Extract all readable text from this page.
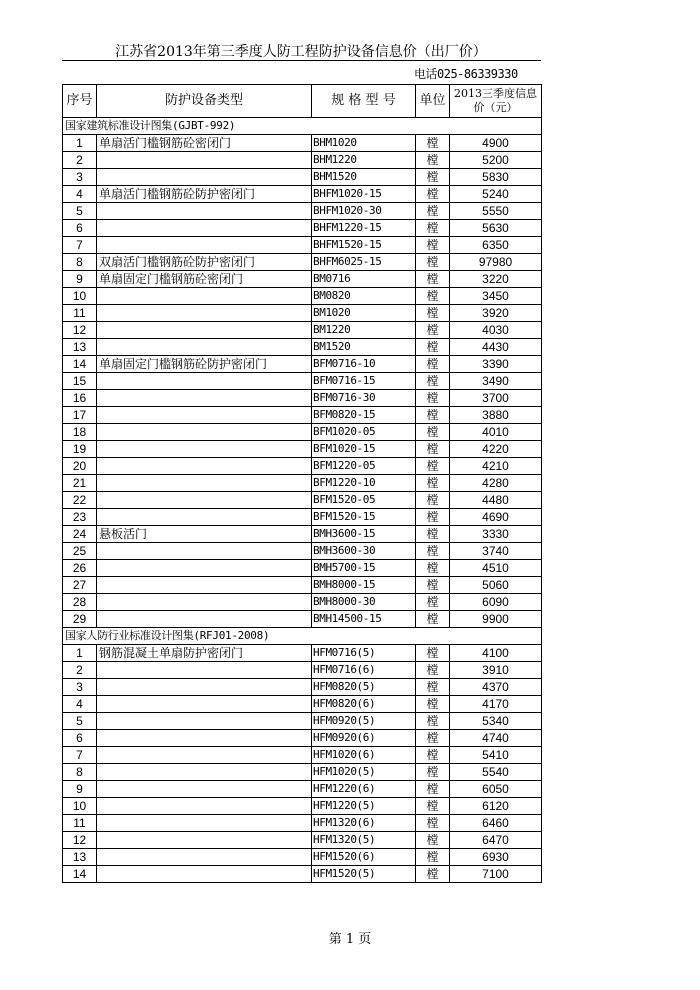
江苏省2013年第三季度人防工程防护设备信息价（出厂价）
电话025-86339330
序号	防护设备类型	规 格 型 号	单位	2013三季度信息价（元）
国家建筑标准设计图集(GJBT-992)				
1	单扇活门槛钢筋砼密闭门	BHM1020	樘	4900
2		BHM1220	樘	5200
3		BHM1520	樘	5830
4	单扇活门槛钢筋砼防护密闭门	BHFM1020-15	樘	5240
5		BHFM1020-30	樘	5550
6		BHFM1220-15	樘	5630
7		BHFM1520-15	樘	6350
8	双扇活门槛钢筋砼防护密闭门	BHFM6025-15	樘	97980
9	单扇固定门槛钢筋砼密闭门	BM0716	樘	3220
10		BM0820	樘	3450
11		BM1020	樘	3920
12		BM1220	樘	4030
13		BM1520	樘	4430
14	单扇固定门槛钢筋砼防护密闭门	BFM0716-10	樘	3390
15		BFM0716-15	樘	3490
16		BFM0716-30	樘	3700
17		BFM0820-15	樘	3880
18		BFM1020-05	樘	4010
19		BFM1020-15	樘	4220
20		BFM1220-05	樘	4210
21		BFM1220-10	樘	4280
22		BFM1520-05	樘	4480
23		BFM1520-15	樘	4690
24	悬板活门	BMH3600-15	樘	3330
25		BMH3600-30	樘	3740
26		BMH5700-15	樘	4510
27		BMH8000-15	樘	5060
28		BMH8000-30	樘	6090
29		BMH14500-15	樘	9900
国家人防行业标准设计图集(RFJ01-2008)				
1	钢筋混凝土单扇防护密闭门	HFM0716(5)	樘	4100
2		HFM0716(6)	樘	3910
3		HFM0820(5)	樘	4370
4		HFM0820(6)	樘	4170
5		HFM0920(5)	樘	5340
6		HFM0920(6)	樘	4740
7		HFM1020(6)	樘	5410
8		HFM1020(5)	樘	5540
9		HFM1220(6)	樘	6050
10		HFM1220(5)	樘	6120
11		HFM1320(6)	樘	6460
12		HFM1320(5)	樘	6470
13		HFM1520(6)	樘	6930
14		HFM1520(5)	樘	7100
第 1 页
